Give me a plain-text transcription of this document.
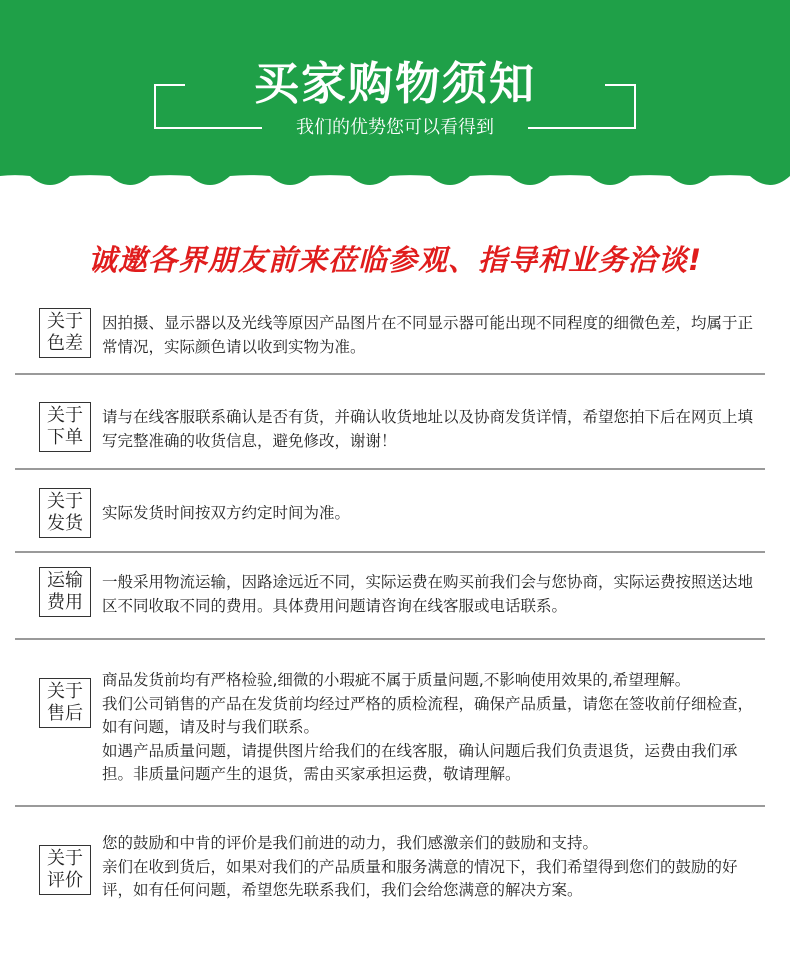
买家购物须知
我们的优势您可以看得到
诚邀各界朋友前来莅临参观、指导和业务洽谈!
关于
色差

因拍摄、显示器以及光线等原因产品图片在不同显示器可能出现不同程度的细微色差，均属于正常情况，实际颜色请以收到实物为准。

关于
下单

请与在线客服联系确认是否有货，并确认收货地址以及协商发货详情，希望您拍下后在网页上填写完整准确的收货信息，避免修改，谢谢！

关于
发货	实际发货时间按双方约定时间为准。

运输
费用

一般采用物流运输，因路途远近不同，实际运费在购买前我们会与您协商，实际运费按照送达地区不同收取不同的费用。具体费用问题请咨询在线客服或电话联系。

关于
售后

商品发货前均有严格检验,细微的小瑕疵不属于质量问题,不影响使用效果的,希望理解。

我们公司销售的产品在发货前均经过严格的质检流程，确保产品质量，请您在签收前仔细检查，如有问题，请及时与我们联系。

如遇产品质量问题，请提供图片给我们的在线客服，确认问题后我们负责退货，运费由我们承担。非质量问题产生的退货，需由买家承担运费，敬请理解。

关于
评价

您的鼓励和中肯的评价是我们前进的动力，我们感激亲们的鼓励和支持。

亲们在收到货后，如果对我们的产品质量和服务满意的情况下，我们希望得到您们的鼓励的好评，如有任何问题，希望您先联系我们，我们会给您满意的解决方案。
